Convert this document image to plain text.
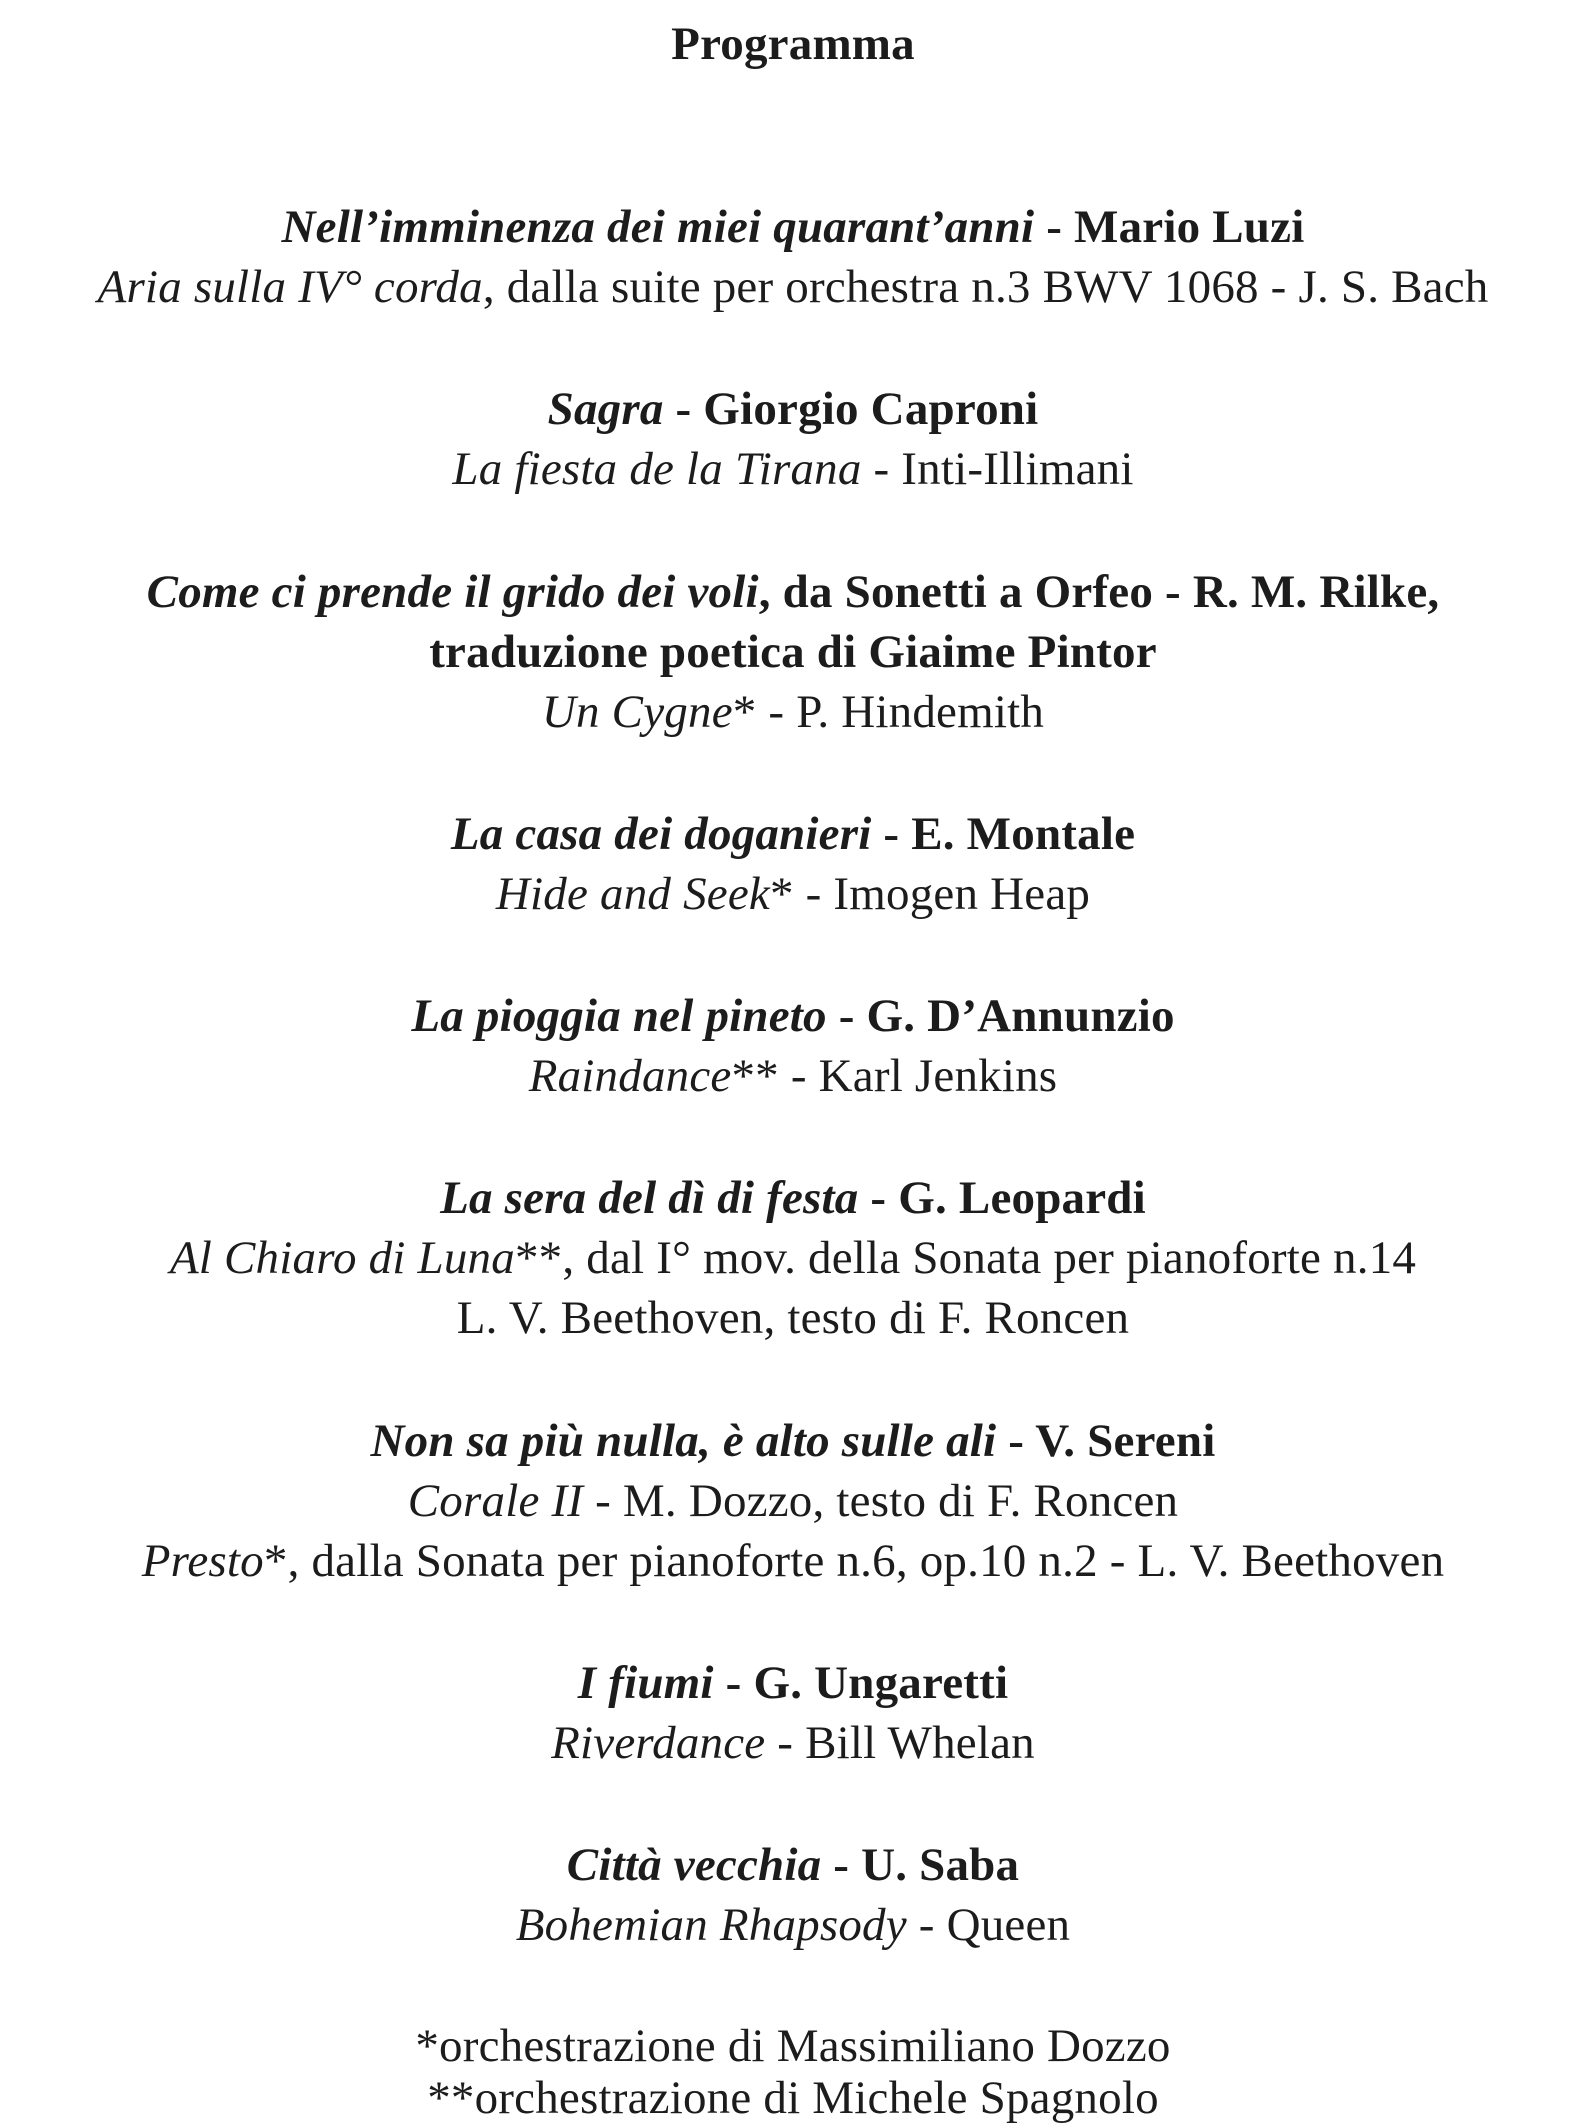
Programma
Nell’imminenza dei miei quarant’anni - Mario Luzi
Aria sulla IV° corda, dalla suite per orchestra n.3 BWV 1068 - J. S. Bach
Sagra - Giorgio Caproni
La fiesta de la Tirana - Inti-Illimani
Come ci prende il grido dei voli, da Sonetti a Orfeo - R. M. Rilke,
traduzione poetica di Giaime Pintor
Un Cygne* - P. Hindemith
La casa dei doganieri - E. Montale
Hide and Seek* - Imogen Heap
La pioggia nel pineto - G. D’Annunzio
Raindance** - Karl Jenkins
La sera del dì di festa - G. Leopardi
Al Chiaro di Luna**, dal I° mov. della Sonata per pianoforte n.14
L. V. Beethoven, testo di F. Roncen
Non sa più nulla, è alto sulle ali - V. Sereni
Corale II - M. Dozzo, testo di F. Roncen
Presto*, dalla Sonata per pianoforte n.6, op.10 n.2 - L. V. Beethoven
I fiumi - G. Ungaretti
Riverdance - Bill Whelan
Città vecchia - U. Saba
Bohemian Rhapsody - Queen
*orchestrazione di Massimiliano Dozzo
**orchestrazione di Michele Spagnolo
